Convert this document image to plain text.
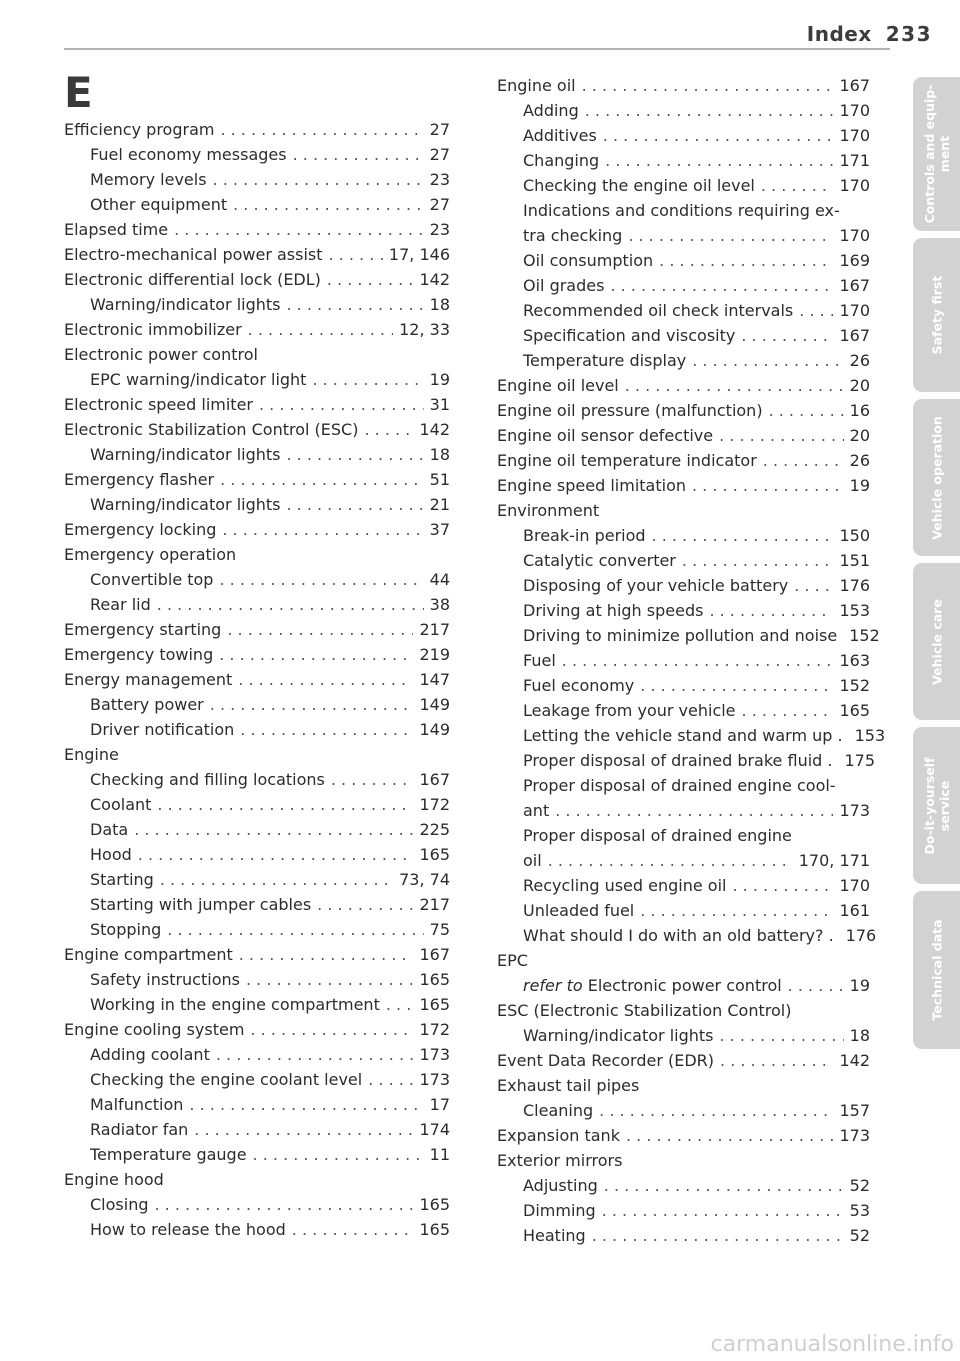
Index 233
E
Efficiency program . . .	27
Fuel economy messages . . .	27
Memory levels . . .	23
Other equipment . . .	27
Elapsed time . . .	23
Electro-mechanical power assist . . .	17, 146
Electronic differential lock (EDL) . . .	142
Warning/indicator lights . . .	18
Electronic immobilizer . . .	12, 33
Electronic power control
EPC warning/indicator light . . .	19
Electronic speed limiter . . .	31
Electronic Stabilization Control (ESC) . . .	142
Warning/indicator lights . . .	18
Emergency flasher . . .	51
Warning/indicator lights . . .	21
Emergency locking . . .	37
Emergency operation
Convertible top . . .	44
Rear lid . . .	38
Emergency starting . . .	217
Emergency towing . . .	219
Energy management . . .	147
Battery power . . .	149
Driver notification . . .	149
Engine
Checking and filling locations . . .	167
Coolant . . .	172
Data . . .	225
Hood . . .	165
Starting . . .	73, 74
Starting with jumper cables . . .	217
Stopping . . .	75
Engine compartment . . .	167
Safety instructions . . .	165
Working in the engine compartment . . . 165
Engine cooling system . . .	172
Adding coolant . . .	173
Checking the engine coolant level . . .	173
Malfunction . . .	17
Radiator fan . . .	174
Temperature gauge . . .	11
Engine hood
Closing . . .	165
How to release the hood . . .	165
Engine oil . . .	167
Adding . . .	170
Additives . . .	170
Changing . . .	171
Checking the engine oil level . . .	170
Indications and conditions requiring ex-
tra checking . . .	170
Oil consumption . . .	169
Oil grades . . .	167
Recommended oil check intervals . . .	170
Specification and viscosity . . .	167
Temperature display . . .	26
Engine oil level . . .	20
Engine oil pressure (malfunction) . . .	16
Engine oil sensor defective . . .	20
Engine oil temperature indicator . . .	26
Engine speed limitation . . .	19
Environment
Break-in period . . .	150
Catalytic converter . . .	151
Disposing of your vehicle battery . . .	176
Driving at high speeds . . .	153
Driving to minimize pollution and noise 152
Fuel . . .	163
Fuel economy . . .	152
Leakage from your vehicle . . .	165
Letting the vehicle stand and warm up . 153
Proper disposal of drained brake fluid . 175
Proper disposal of drained engine cool-
ant . . .	173
Proper disposal of drained engine
oil . . .	170, 171
Recycling used engine oil . . .	170
Unleaded fuel . . .	161
What should I do with an old battery? . 176
EPC
refer to Electronic power control . . .	19
ESC (Electronic Stabilization Control)
Warning/indicator lights . . .	18
Event Data Recorder (EDR) . . .	142
Exhaust tail pipes
Cleaning . . .	157
Expansion tank . . .	173
Exterior mirrors
Adjusting . . .	52
Dimming . . .	53
Heating . . .	52
Controls and equip- ment
Safety first
Vehicle operation
Vehicle care
Do-it-yourself service
Technical data
carmanualsonline.info
